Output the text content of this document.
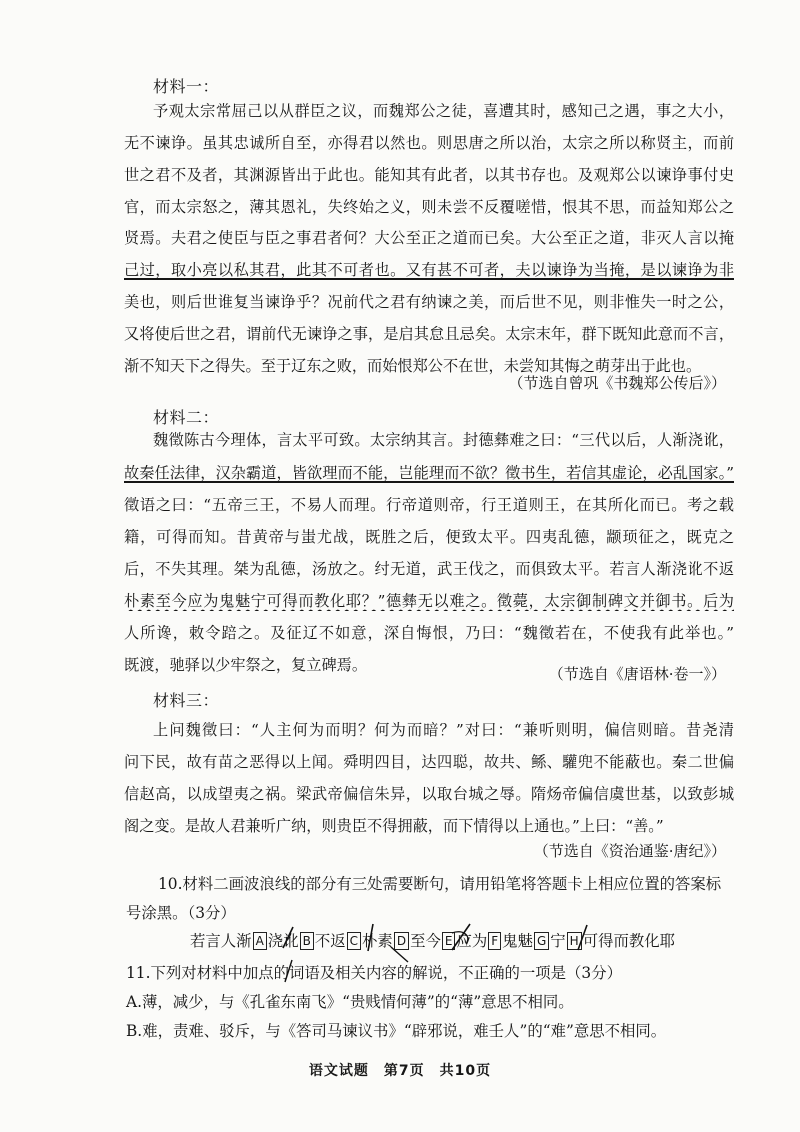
材料一：
予观太宗常屈己以从群臣之议，而魏郑公之徒，喜遭其时，感知己之遇，事之大小，
无不谏诤。虽其忠诚所自至，亦得君以然也。则思唐之所以治，太宗之所以称贤主，而前
世之君不及者，其渊源皆出于此也。能知其有此者，以其书存也。及观郑公以谏诤事付史
官，而太宗怒之，薄其恩礼，失终始之义，则未尝不反覆嗟惜，恨其不思，而益知郑公之
贤焉。夫君之使臣与臣之事君者何？大公至正之道而已矣。大公至正之道，非灭人言以掩
己过，取小亮以私其君，此其不可者也。又有甚不可者，夫以谏诤为当掩，是以谏诤为非
美也，则后世谁复当谏诤乎？况前代之君有纳谏之美，而后世不见，则非惟失一时之公，
又将使后世之君，谓前代无谏诤之事，是启其怠且忌矣。太宗末年，群下既知此意而不言，
渐不知天下之得失。至于辽东之败，而始恨郑公不在世，未尝知其悔之萌芽出于此也。
（节选自曾巩《书魏郑公传后》）
材料二：
魏徵陈古今理体，言太平可致。太宗纳其言。封德彝难之曰：“三代以后，人渐浇讹，
故秦任法律，汉杂霸道，皆欲理而不能，岂能理而不欲？徵书生，若信其虚论，必乱国家。”
徵语之曰：“五帝三王，不易人而理。行帝道则帝，行王道则王，在其所化而已。考之载
籍，可得而知。昔黄帝与蚩尤战，既胜之后，便致太平。四夷乱德，颛顼征之，既克之
后，不失其理。桀为乱德，汤放之。纣无道，武王伐之，而俱致太平。若言人渐浇讹不返
朴素至今应为鬼魅宁可得而教化耶？”德彝无以难之。徵薨，太宗御制碑文并御书。后为
人所谗，敕令踣之。及征辽不如意，深自悔恨，乃曰：“魏徵若在，不使我有此举也。”
既渡，驰驿以少牢祭之，复立碑焉。	（节选自《唐语林·卷一》）
材料三：
上问魏徵曰：“人主何为而明？何为而暗？”对曰：“兼听则明，偏信则暗。昔尧清
问下民，故有苗之恶得以上闻。舜明四目，达四聪，故共、鲧、驩兜不能蔽也。秦二世偏
信赵高，以成望夷之祸。梁武帝偏信朱异，以取台城之辱。隋炀帝偏信虞世基，以致彭城
阁之变。是故人君兼听广纳，则贵臣不得拥蔽，而下情得以上通也。”上曰：“善。”
（节选自《资治通鉴·唐纪》）
10.材料二画波浪线的部分有三处需要断句，请用铅笔将答题卡上相应位置的答案标
号涂黑。（3分）
若言人渐 A 浇讹 B 不返 C 朴素 D 至今 E 应为 F 鬼魅 G 宁 H 可得而教化耶
11.下列对材料中加点的词语及相关内容的解说，不正确的一项是（3分）
A.薄，减少，与《孔雀东南飞》“贵贱情何薄”的“薄”意思不相同。
B.难，责难、驳斥，与《答司马谏议书》“辟邪说，难壬人”的“难”意思不相同。
语文试题　第7页　共10页
